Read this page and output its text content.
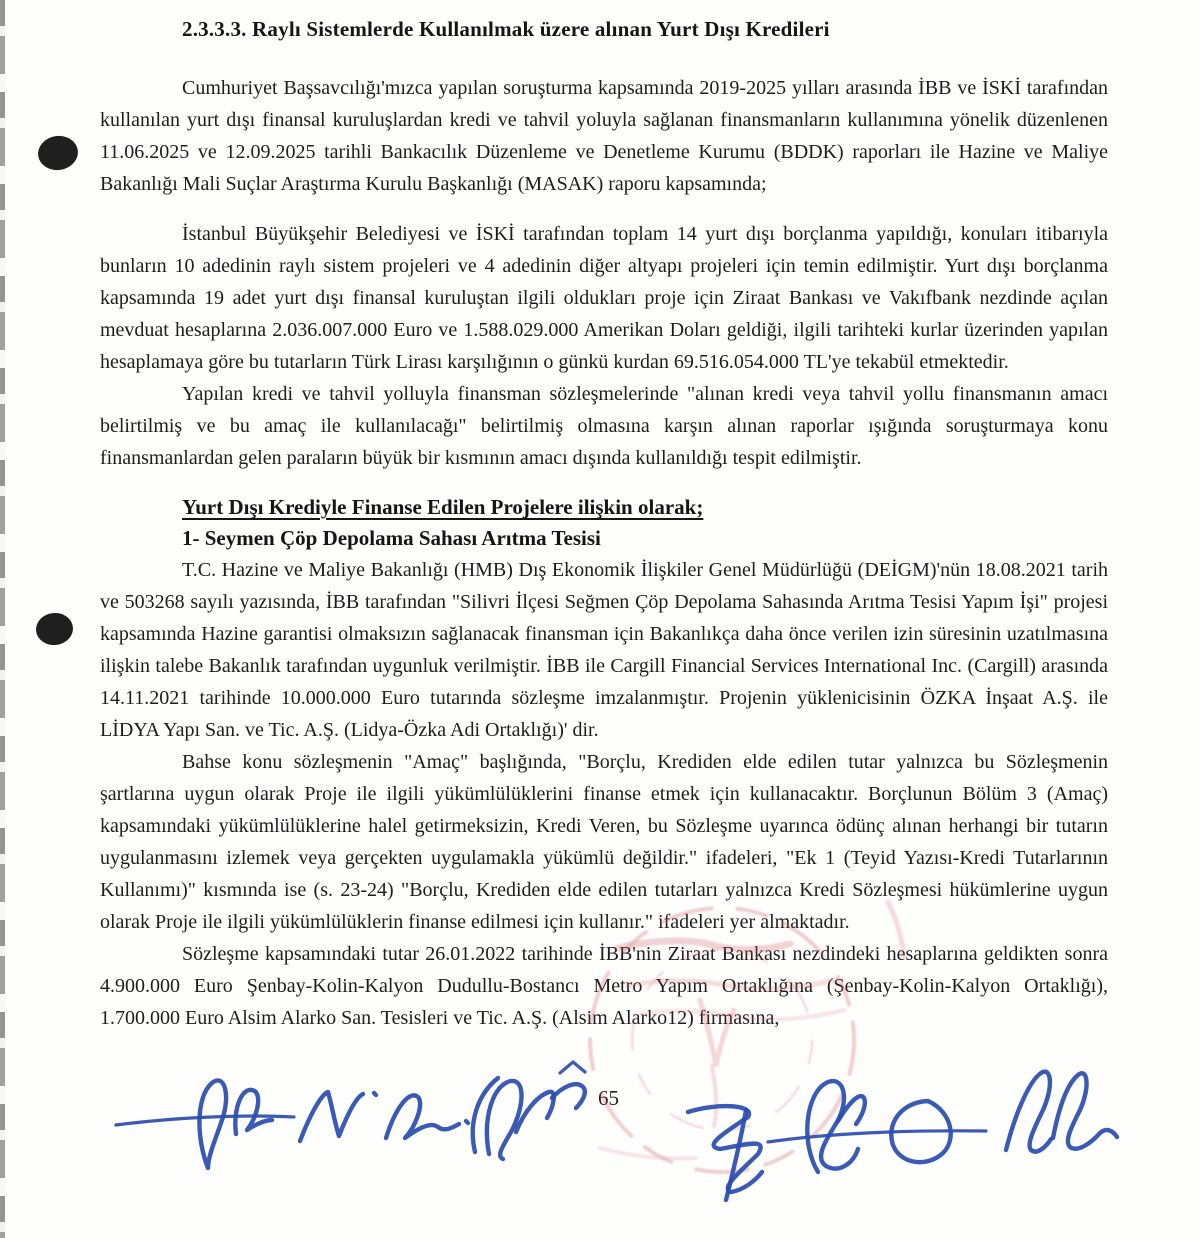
2.3.3.3. Raylı Sistemlerde Kullanılmak üzere alınan Yurt Dışı Kredileri

Cumhuriyet Başsavcılığı'mızca yapılan soruşturma kapsamında 2019-2025 yılları arasında İBB ve İSKİ tarafından kullanılan yurt dışı finansal kuruluşlardan kredi ve tahvil yoluyla sağlanan finansmanların kullanımına yönelik düzenlenen 11.06.2025 ve 12.09.2025 tarihli Bankacılık Düzenleme ve Denetleme Kurumu (BDDK) raporları ile Hazine ve Maliye Bakanlığı Mali Suçlar Araştırma Kurulu Başkanlığı (MASAK) raporu kapsamında;

İstanbul Büyükşehir Belediyesi ve İSKİ tarafından toplam 14 yurt dışı borçlanma yapıldığı, konuları itibarıyla bunların 10 adedinin raylı sistem projeleri ve 4 adedinin diğer altyapı projeleri için temin edilmiştir. Yurt dışı borçlanma kapsamında 19 adet yurt dışı finansal kuruluştan ilgili oldukları proje için Ziraat Bankası ve Vakıfbank nezdinde açılan mevduat hesaplarına 2.036.007.000 Euro ve 1.588.029.000 Amerikan Doları geldiği, ilgili tarihteki kurlar üzerinden yapılan hesaplamaya göre bu tutarların Türk Lirası karşılığının o günkü kurdan 69.516.054.000 TL'ye tekabül etmektedir.

Yapılan kredi ve tahvil yolluyla finansman sözleşmelerinde "alınan kredi veya tahvil yollu finansmanın amacı belirtilmiş ve bu amaç ile kullanılacağı" belirtilmiş olmasına karşın alınan raporlar ışığında soruşturmaya konu finansmanlardan gelen paraların büyük bir kısmının amacı dışında kullanıldığı tespit edilmiştir.

Yurt Dışı Krediyle Finanse Edilen Projelere ilişkin olarak;
1- Seymen Çöp Depolama Sahası Arıtma Tesisi

T.C. Hazine ve Maliye Bakanlığı (HMB) Dış Ekonomik İlişkiler Genel Müdürlüğü (DEİGM)'nün 18.08.2021 tarih ve 503268 sayılı yazısında, İBB tarafından "Silivri İlçesi Seğmen Çöp Depolama Sahasında Arıtma Tesisi Yapım İşi" projesi kapsamında Hazine garantisi olmaksızın sağlanacak finansman için Bakanlıkça daha önce verilen izin süresinin uzatılmasına ilişkin talebe Bakanlık tarafından uygunluk verilmiştir. İBB ile Cargill Financial Services International Inc. (Cargill) arasında 14.11.2021 tarihinde 10.000.000 Euro tutarında sözleşme imzalanmıştır. Projenin yüklenicisinin ÖZKA İnşaat A.Ş. ile LİDYA Yapı San. ve Tic. A.Ş. (Lidya-Özka Adi Ortaklığı)' dir.

Bahse konu sözleşmenin "Amaç" başlığında, "Borçlu, Krediden elde edilen tutar yalnızca bu Sözleşmenin şartlarına uygun olarak Proje ile ilgili yükümlülüklerini finanse etmek için kullanacaktır. Borçlunun Bölüm 3 (Amaç) kapsamındaki yükümlülüklerine halel getirmeksizin, Kredi Veren, bu Sözleşme uyarınca ödünç alınan herhangi bir tutarın uygulanmasını izlemek veya gerçekten uygulamakla yükümlü değildir." ifadeleri, "Ek 1 (Teyid Yazısı-Kredi Tutarlarının Kullanımı)" kısmında ise (s. 23-24) "Borçlu, Krediden elde edilen tutarları yalnızca Kredi Sözleşmesi hükümlerine uygun olarak Proje ile ilgili yükümlülüklerin finanse edilmesi için kullanır." ifadeleri yer almaktadır.

Sözleşme kapsamındaki tutar 26.01.2022 tarihinde İBB'nin Ziraat Bankası nezdindeki hesaplarına geldikten sonra 4.900.000 Euro Şenbay-Kolin-Kalyon Dudullu-Bostancı Metro Yapım Ortaklığına (Şenbay-Kolin-Kalyon Ortaklığı), 1.700.000 Euro Alsim Alarko San. Tesisleri ve Tic. A.Ş. (Alsim Alarko12) firmasına,

65
